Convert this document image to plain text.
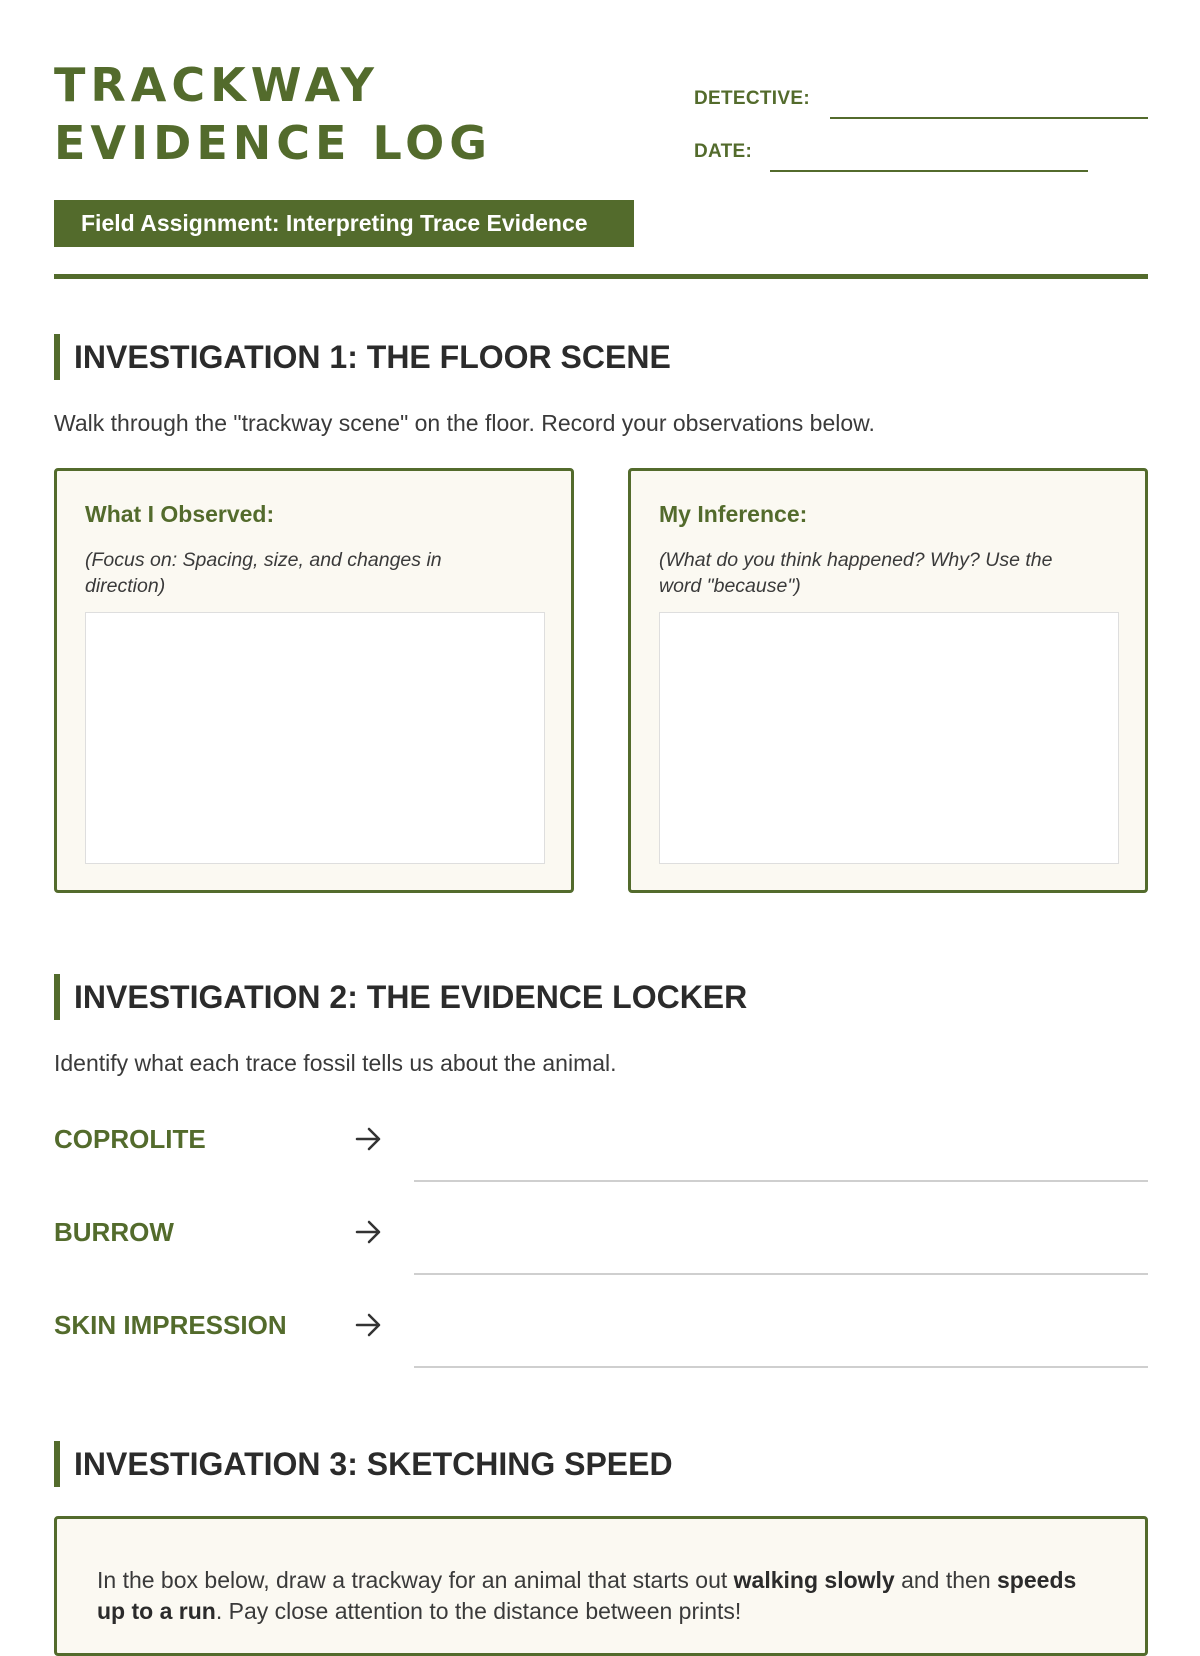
TRACKWAY
EVIDENCE LOG
DETECTIVE:
DATE:
Field Assignment: Interpreting Trace Evidence
INVESTIGATION 1: THE FLOOR SCENE

Walk through the "trackway scene" on the floor. Record your observations below.

What I Observed:
(Focus on: Spacing, size, and changes in direction)
My Inference:
(What do you think happened? Why? Use the word "because")
INVESTIGATION 2: THE EVIDENCE LOCKER

Identify what each trace fossil tells us about the animal.

COPROLITE
BURROW
SKIN IMPRESSION
INVESTIGATION 3: SKETCHING SPEED

In the box below, draw a trackway for an animal that starts out walking slowly and then speeds up to a run. Pay close attention to the distance between prints!
